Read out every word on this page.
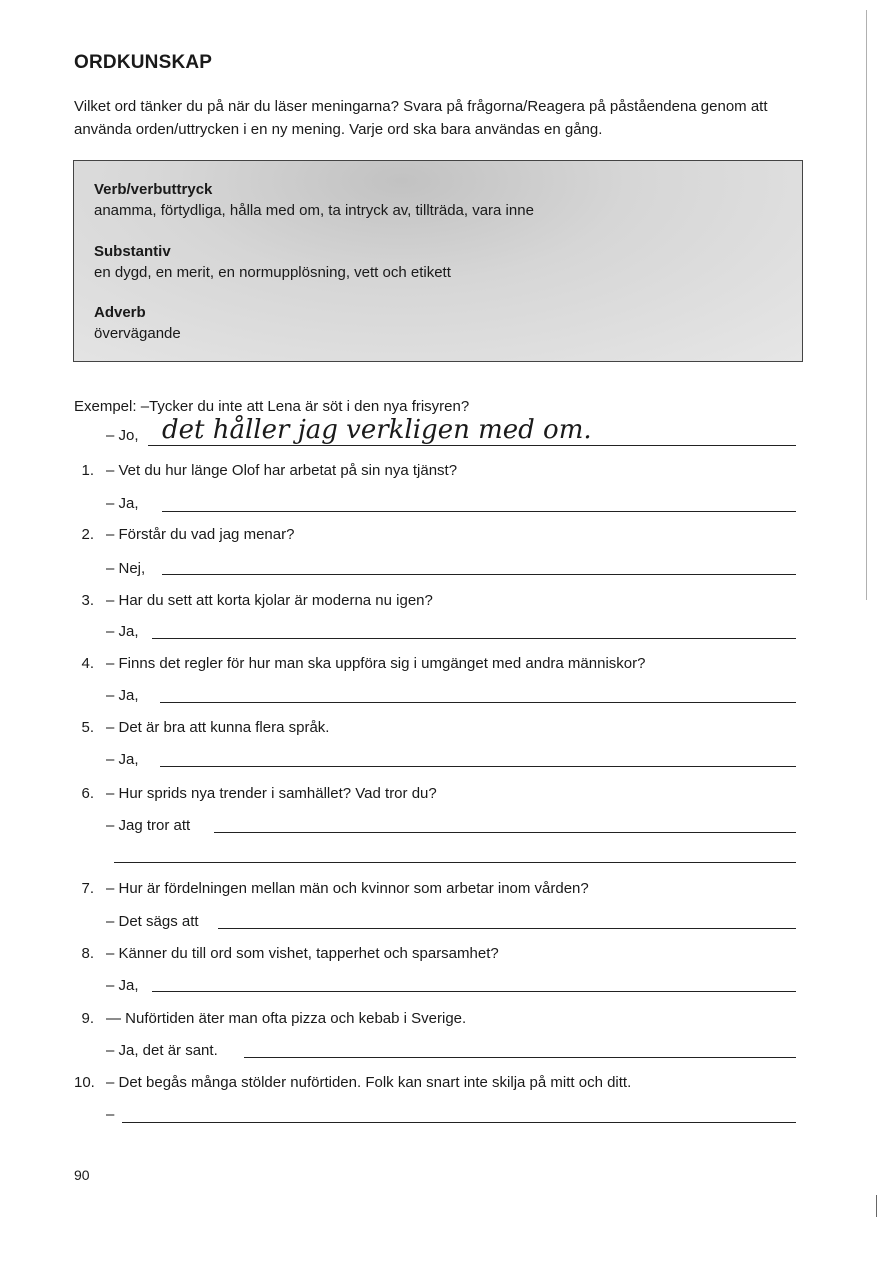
ORDKUNSKAP

Vilket ord tänker du på när du läser meningarna? Svara på frågorna/Reagera på påståendena genom att använda orden/uttrycken i en ny mening. Varje ord ska bara användas en gång.

Verb/verbuttryck
anamma, förtydliga, hålla med om, ta intryck av, tillträda, vara inne
Substantiv
en dygd, en merit, en normupplösning, vett och etikett
Adverb
övervägande
Exempel: –Tycker du inte att Lena är söt i den nya frisyren?
– Jo, det håller jag verkligen med om.
1. – Vet du hur länge Olof har arbetat på sin nya tjänst?
– Ja,
2. – Förstår du vad jag menar?
– Nej,
3. – Har du sett att korta kjolar är moderna nu igen?
– Ja,
4. – Finns det regler för hur man ska uppföra sig i umgänget med andra människor?
– Ja,
5. – Det är bra att kunna flera språk.
– Ja,
6. – Hur sprids nya trender i samhället? Vad tror du?
– Jag tror att
7. – Hur är fördelningen mellan män och kvinnor som arbetar inom vården?
– Det sägs att
8. – Känner du till ord som vishet, tapperhet och sparsamhet?
– Ja,
9. — Nuförtiden äter man ofta pizza och kebab i Sverige.
– Ja, det är sant.
10. – Det begås många stölder nuförtiden. Folk kan snart inte skilja på mitt och ditt.
–
90
